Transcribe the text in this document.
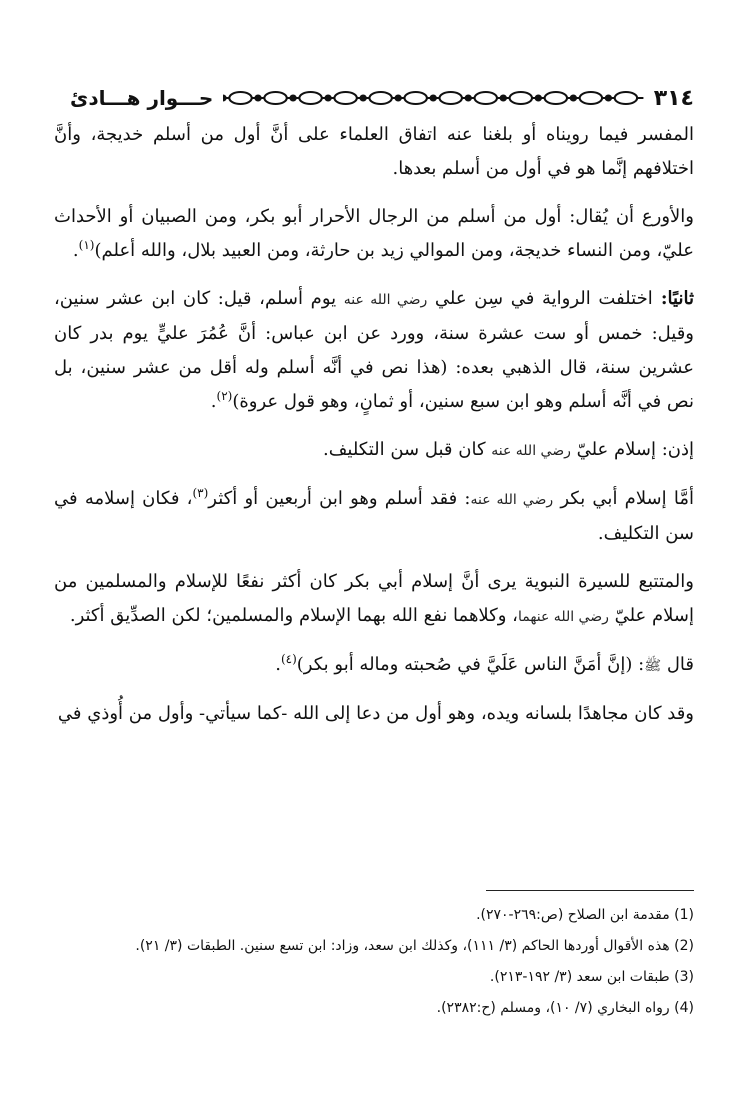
٣١٤
حـــوار هـــادئ

المفسر فيما رويناه أو بلغنا عنه اتفاق العلماء على أنَّ أول من أسلم خديجة، وأنَّ اختلافهم إنَّما هو في أول من أسلم بعدها.

والأورع أن يُقال: أول من أسلم من الرجال الأحرار أبو بكر، ومن الصبيان أو الأحداث عليّ، ومن النساء خديجة، ومن الموالي زيد بن حارثة، ومن العبيد بلال، والله أعلم)$^{(١)}$.

ثانيًا: اختلفت الرواية في سِن علي رضي الله عنه يوم أسلم، قيل: كان ابن عشر سنين، وقيل: خمس أو ست عشرة سنة، وورد عن ابن عباس: أنَّ عُمُرَ عليٍّ يوم بدر كان عشرين سنة، قال الذهبي بعده: (هذا نص في أنَّه أسلم وله أقل من عشر سنين، بل نص في أنَّه أسلم وهو ابن سبع سنين، أو ثمانٍ، وهو قول عروة)$^{(٢)}$.

إذن: إسلام عليّ رضي الله عنه كان قبل سن التكليف.

أمَّا إسلام أبي بكر رضي الله عنه: فقد أسلم وهو ابن أربعين أو أكثر$^{(٣)}$، فكان إسلامه في سن التكليف.

والمتتبع للسيرة النبوية يرى أنَّ إسلام أبي بكر كان أكثر نفعًا للإسلام والمسلمين من إسلام عليّ رضي الله عنهما، وكلاهما نفع الله بهما الإسلام والمسلمين؛ لكن الصدِّيق أكثر.

قال ﷺ: (إنَّ أمَنَّ الناس عَلَيَّ في صُحبته وماله أبو بكر)$^{(٤)}$.

وقد كان مجاهدًا بلسانه ويده، وهو أول من دعا إلى الله -كما سيأتي- وأول من أُوذي في

(1) مقدمة ابن الصلاح (ص:٢٦٩-٢٧٠).
(2) هذه الأقوال أوردها الحاكم (٣/ ١١١)، وكذلك ابن سعد، وزاد: ابن تسع سنين. الطبقات (٣/ ٢١).
(3) طبقات ابن سعد (٣/ ١٩٢-٢١٣).
(4) رواه البخاري (٧/ ١٠)، ومسلم (ح:٢٣٨٢).
